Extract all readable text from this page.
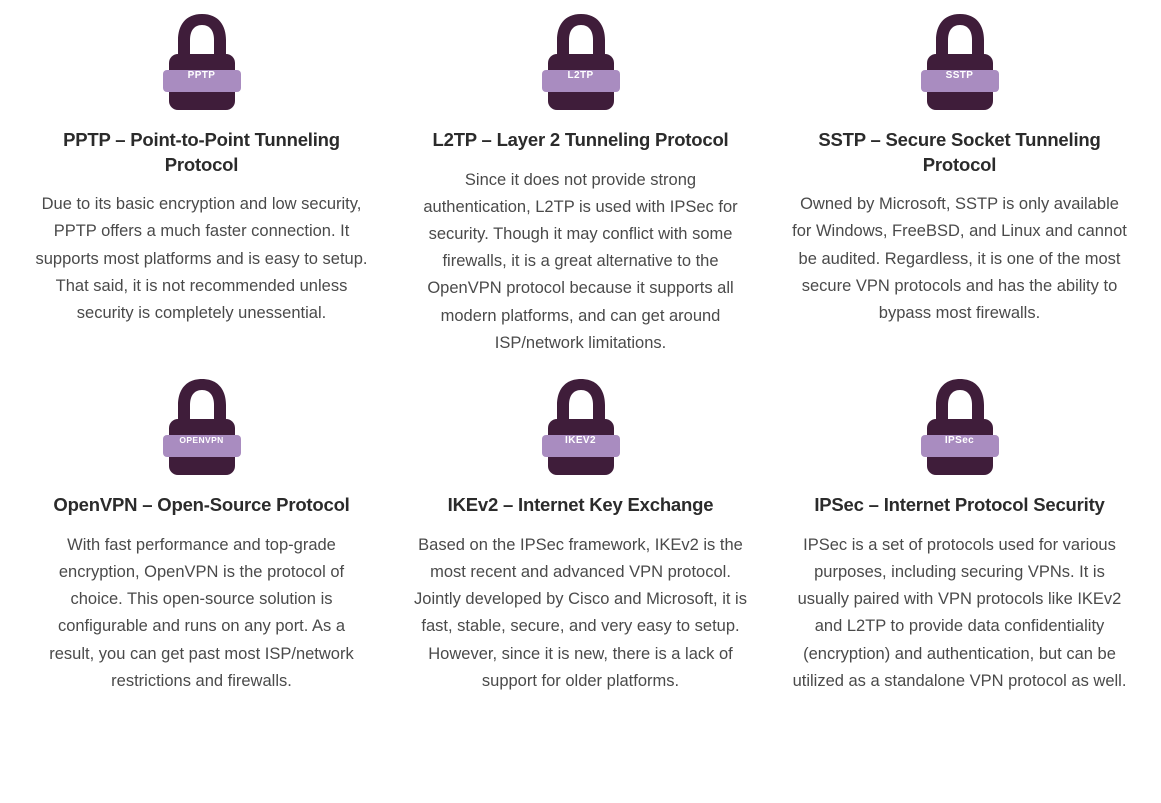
PPTP
PPTP – Point-to-Point Tunneling Protocol

Due to its basic encryption and low security, PPTP offers a much faster connection. It supports most platforms and is easy to setup. That said, it is not recommended unless security is completely unessential.

L2TP
L2TP – Layer 2 Tunneling Protocol

Since it does not provide strong authentication, L2TP is used with IPSec for security. Though it may conflict with some firewalls, it is a great alternative to the OpenVPN protocol because it supports all modern platforms, and can get around ISP/network limitations.

SSTP
SSTP – Secure Socket Tunneling Protocol

Owned by Microsoft, SSTP is only available for Windows, FreeBSD, and Linux and cannot be audited. Regardless, it is one of the most secure VPN protocols and has the ability to bypass most firewalls.

OPENVPN
OpenVPN – Open-Source Protocol

With fast performance and top-grade encryption, OpenVPN is the protocol of choice. This open-source solution is configurable and runs on any port. As a result, you can get past most ISP/network restrictions and firewalls.

IKEV2
IKEv2 – Internet Key Exchange

Based on the IPSec framework, IKEv2 is the most recent and advanced VPN protocol. Jointly developed by Cisco and Microsoft, it is fast, stable, secure, and very easy to setup. However, since it is new, there is a lack of support for older platforms.

IPSec
IPSec – Internet Protocol Security

IPSec is a set of protocols used for various purposes, including securing VPNs. It is usually paired with VPN protocols like IKEv2 and L2TP to provide data confidentiality (encryption) and authentication, but can be utilized as a standalone VPN protocol as well.
